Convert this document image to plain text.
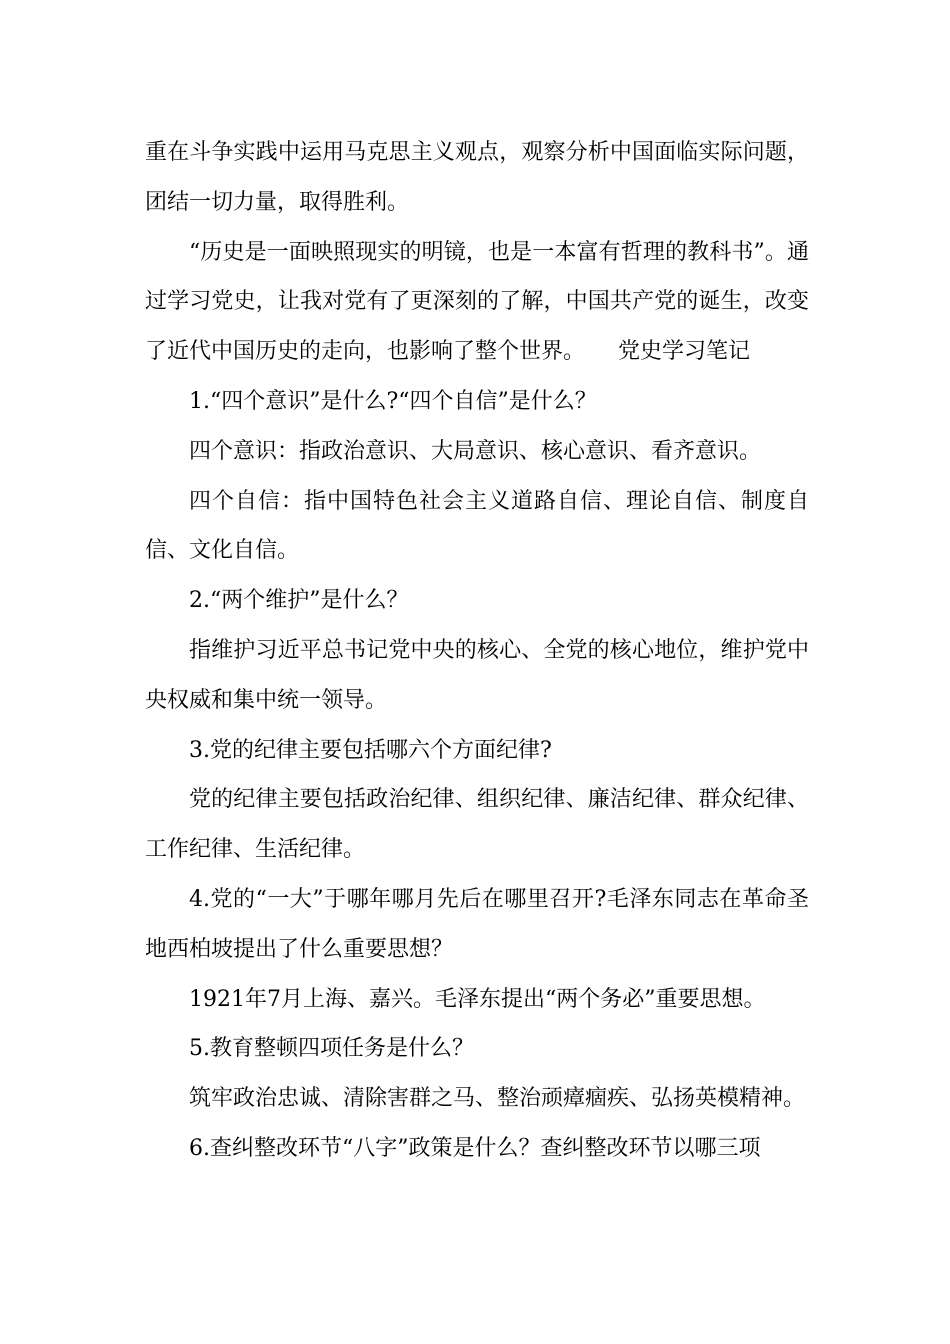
重在斗争实践中运用马克思主义观点，观察分析中国面临实际问题，团结一切力量，取得胜利。

“历史是一面映照现实的明镜，也是一本富有哲理的教科书”。通过学习党史，让我对党有了更深刻的了解，中国共产党的诞生，改变了近代中国历史的走向，也影响了整个世界。　　党史学习笔记

1.“四个意识”是什么?“四个自信”是什么？

四个意识：指政治意识、大局意识、核心意识、看齐意识。

四个自信：指中国特色社会主义道路自信、理论自信、制度自信、文化自信。

2.“两个维护”是什么？

指维护习近平总书记党中央的核心、全党的核心地位，维护党中央权威和集中统一领导。

3.党的纪律主要包括哪六个方面纪律?

党的纪律主要包括政治纪律、组织纪律、廉洁纪律、群众纪律、工作纪律、生活纪律。

4.党的“一大”于哪年哪月先后在哪里召开?毛泽东同志在革命圣地西柏坡提出了什么重要思想？

1921年7月上海、嘉兴。毛泽东提出“两个务必”重要思想。

5.教育整顿四项任务是什么？

筑牢政治忠诚、清除害群之马、整治顽瘴痼疾、弘扬英模精神。

6.查纠整改环节“八字”政策是什么？查纠整改环节以哪三项
